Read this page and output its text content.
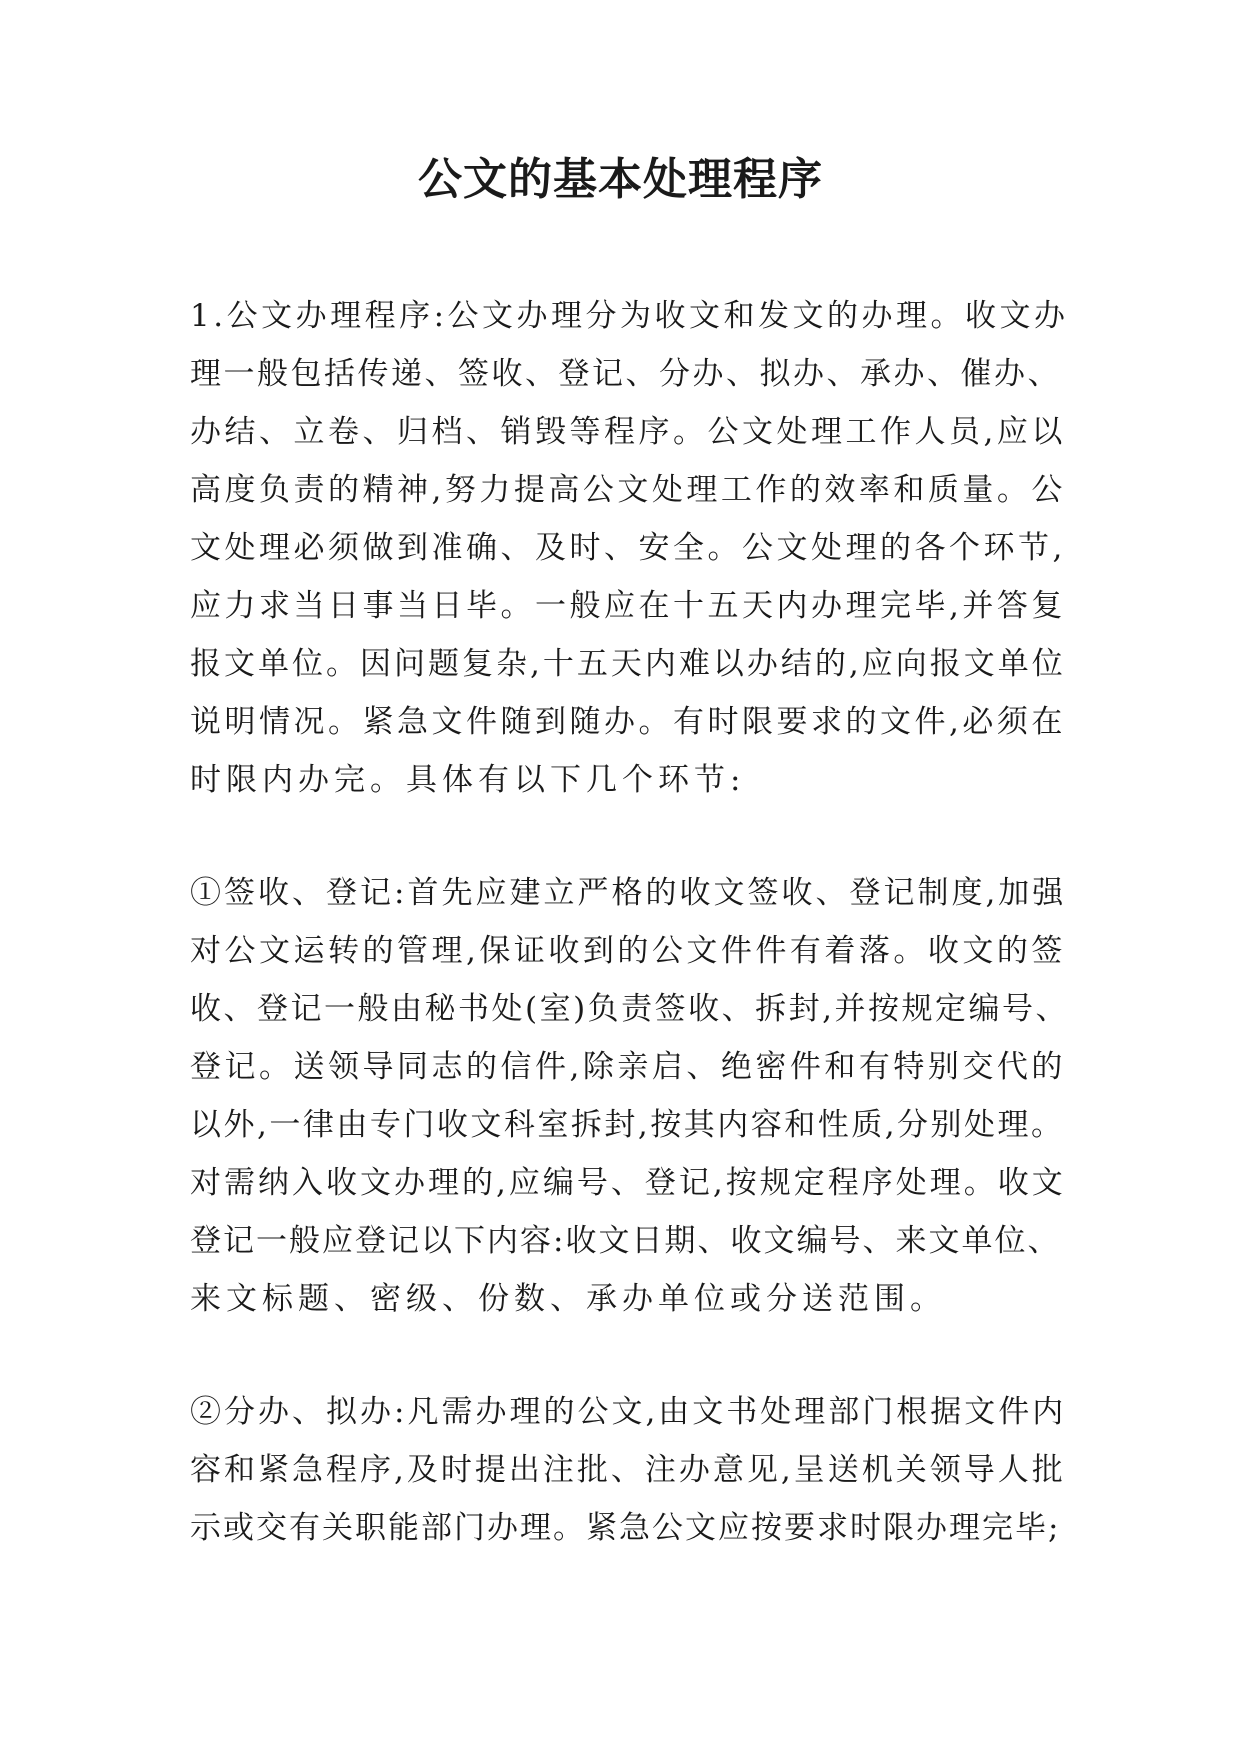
公文的基本处理程序

1.公文办理程序:公文办理分为收文和发文的办理。收文办
理一般包括传递、签收、登记、分办、拟办、承办、催办、
办结、立卷、归档、销毁等程序。公文处理工作人员,应以
高度负责的精神,努力提高公文处理工作的效率和质量。公
文处理必须做到准确、及时、安全。公文处理的各个环节,
应力求当日事当日毕。一般应在十五天内办理完毕,并答复
报文单位。因问题复杂,十五天内难以办结的,应向报文单位
说明情况。紧急文件随到随办。有时限要求的文件,必须在
时限内办完。具体有以下几个环节:

①签收、登记:首先应建立严格的收文签收、登记制度,加强
对公文运转的管理,保证收到的公文件件有着落。收文的签
收、登记一般由秘书处(室)负责签收、拆封,并按规定编号、
登记。送领导同志的信件,除亲启、绝密件和有特别交代的
以外,一律由专门收文科室拆封,按其内容和性质,分别处理。
对需纳入收文办理的,应编号、登记,按规定程序处理。收文
登记一般应登记以下内容:收文日期、收文编号、来文单位、
来文标题、密级、份数、承办单位或分送范围。

②分办、拟办:凡需办理的公文,由文书处理部门根据文件内
容和紧急程序,及时提出注批、注办意见,呈送机关领导人批
示或交有关职能部门办理。紧急公文应按要求时限办理完毕;
